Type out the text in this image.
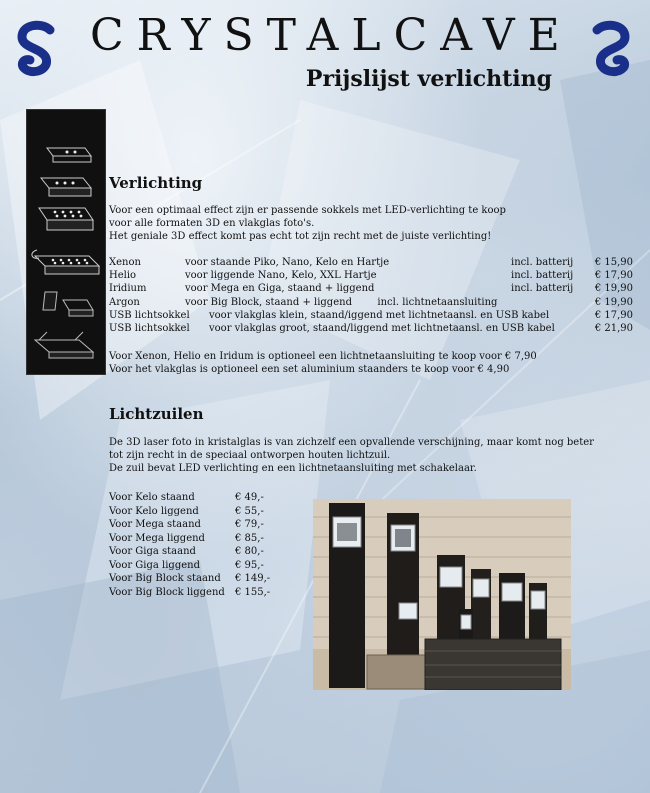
CRYSTALCAVE
Prijslijst verlichting
Verlichting
Voor een optimaal effect zijn er passende sokkels met LED-verlichting te koop
voor alle formaten 3D en vlakglas foto's.
Het geniale 3D effect komt pas echt tot zijn recht met de juiste verlichting!
Xenon	voor staande Piko, Nano, Kelo en Hartje	incl. batterij	€ 15,90
Helio	voor liggende Nano, Kelo, XXL Hartje	incl. batterij	€ 17,90
Iridium	voor Mega en Giga, staand + liggend	incl. batterij	€ 19,90
Argon	voor Big Block, staand + liggend        incl. lichtnetaansluiting		€ 19,90
USB lichtsokkel voor vlakglas klein, staand/iggend met lichtnetaansl. en USB kabel			€ 17,90
USB lichtsokkel voor vlakglas groot, staand/liggend met lichtnetaansl. en USB kabel			€ 21,90
Voor Xenon, Helio en Iridum is optioneel een lichtnetaansluiting te koop voor € 7,90
Voor het vlakglas is optioneel een set aluminium staanders te koop voor € 4,90
Lichtzuilen
De 3D laser foto in kristalglas is van zichzelf een opvallende verschijning, maar komt nog beter
tot zijn recht in de speciaal ontworpen houten lichtzuil.
De zuil bevat LED verlichting en een lichtnetaansluiting met schakelaar.
Voor Kelo staand	€ 49,-
Voor Kelo liggend	€ 55,-
Voor Mega staand	€ 79,-
Voor Mega liggend	€ 85,-
Voor Giga staand	€ 80,-
Voor Giga liggend	€ 95,-
Voor Big Block staand	€ 149,-
Voor Big Block liggend	€ 155,-
